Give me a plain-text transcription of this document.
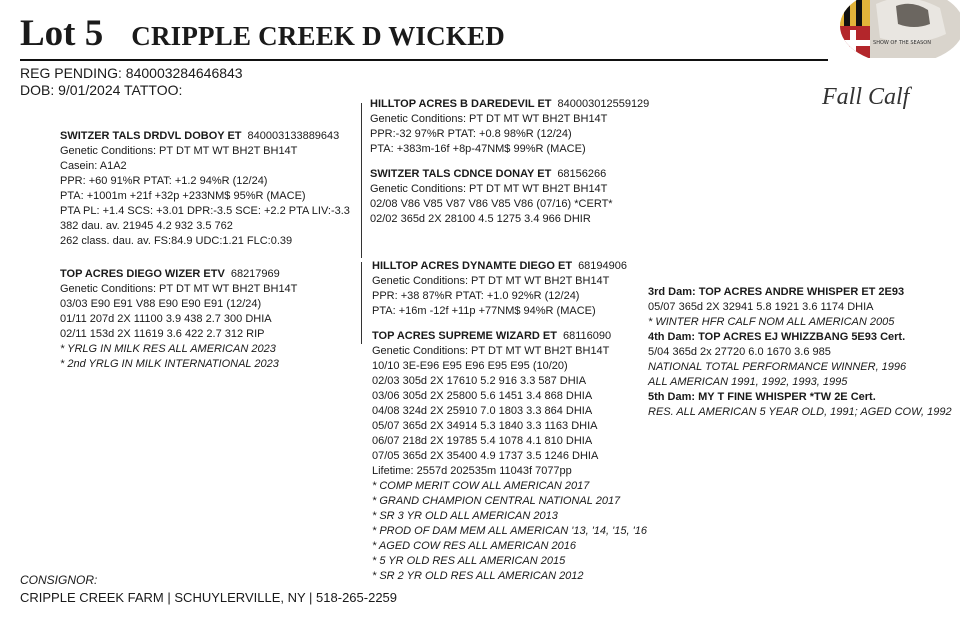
Lot 5 CRIPPLE CREEK D WICKED	SHOW OF THE SEASON
REG PENDING: 840003284646843
DOB: 9/01/2024 TATTOO:	Fall Calf
SWITZER TALS DRDVL DOBOY ET 840003133889643
Genetic Conditions: PT DT MT WT BH2T BH14T
Casein: A1A2
PPR: +60 91%R PTAT: +1.2 94%R (12/24)
PTA: +1001m +21f +32p +233NM$ 95%R (MACE)
PTA PL: +1.4 SCS: +3.01 DPR:-3.5 SCE: +2.2 PTA LIV:-3.3
382 dau. av. 21945 4.2 932 3.5 762
262 class. dau. av. FS:84.9 UDC:1.21 FLC:0.39
HILLTOP ACRES B DAREDEVIL ET 840003012559129
Genetic Conditions: PT DT MT WT BH2T BH14T
PPR:-32 97%R PTAT: +0.8 98%R (12/24)
PTA: +383m-16f +8p-47NM$ 99%R (MACE)
SWITZER TALS CDNCE DONAY ET 68156266
Genetic Conditions: PT DT MT WT BH2T BH14T
02/08 V86 V85 V87 V86 V85 V86 (07/16) *CERT*
02/02 365d 2X 28100 4.5 1275 3.4 966 DHIR
TOP ACRES DIEGO WIZER ETV 68217969
Genetic Conditions: PT DT MT WT BH2T BH14T
03/03 E90 E91 V88 E90 E90 E91 (12/24)
01/11 207d 2X 11100 3.9 438 2.7 300 DHIA
02/11 153d 2X 11619 3.6 422 2.7 312 RIP
* YRLG IN MILK RES ALL AMERICAN 2023
* 2nd YRLG IN MILK INTERNATIONAL 2023
HILLTOP ACRES DYNAMTE DIEGO ET 68194906
Genetic Conditions: PT DT MT WT BH2T BH14T
PPR: +38 87%R PTAT: +1.0 92%R (12/24)
PTA: +16m -12f +11p +77NM$ 94%R (MACE)
TOP ACRES SUPREME WIZARD ET 68116090
Genetic Conditions: PT DT MT WT BH2T BH14T
10/10 3E-E96 E95 E96 E95 E95 (10/20)
02/03 305d 2X 17610 5.2 916 3.3 587 DHIA
03/06 305d 2X 25800 5.6 1451 3.4 868 DHIA
04/08 324d 2X 25910 7.0 1803 3.3 864 DHIA
05/07 365d 2X 34914 5.3 1840 3.3 1163 DHIA
06/07 218d 2X 19785 5.4 1078 4.1 810 DHIA
07/05 365d 2X 35400 4.9 1737 3.5 1246 DHIA
Lifetime: 2557d 202535m 11043f 7077pp
* COMP MERIT COW ALL AMERICAN 2017
* GRAND CHAMPION CENTRAL NATIONAL 2017
* SR 3 YR OLD ALL AMERICAN 2013
* PROD OF DAM MEM ALL AMERICAN '13, '14, '15, '16
* AGED COW RES ALL AMERICAN 2016
* 5 YR OLD RES ALL AMERICAN 2015
* SR 2 YR OLD RES ALL AMERICAN 2012
3rd Dam: TOP ACRES ANDRE WHISPER ET 2E93
05/07 365d 2X 32941 5.8 1921 3.6 1174 DHIA
* WINTER HFR CALF NOM ALL AMERICAN 2005
4th Dam: TOP ACRES EJ WHIZZBANG 5E93 Cert.
5/04 365d 2x 27720 6.0 1670 3.6 985
NATIONAL TOTAL PERFORMANCE WINNER, 1996
ALL AMERICAN 1991, 1992, 1993, 1995
5th Dam: MY T FINE WHISPER *TW 2E Cert.
RES. ALL AMERICAN 5 YEAR OLD, 1991; AGED COW, 1992
CONSIGNOR:
CRIPPLE CREEK FARM | SCHUYLERVILLE, NY | 518-265-2259
